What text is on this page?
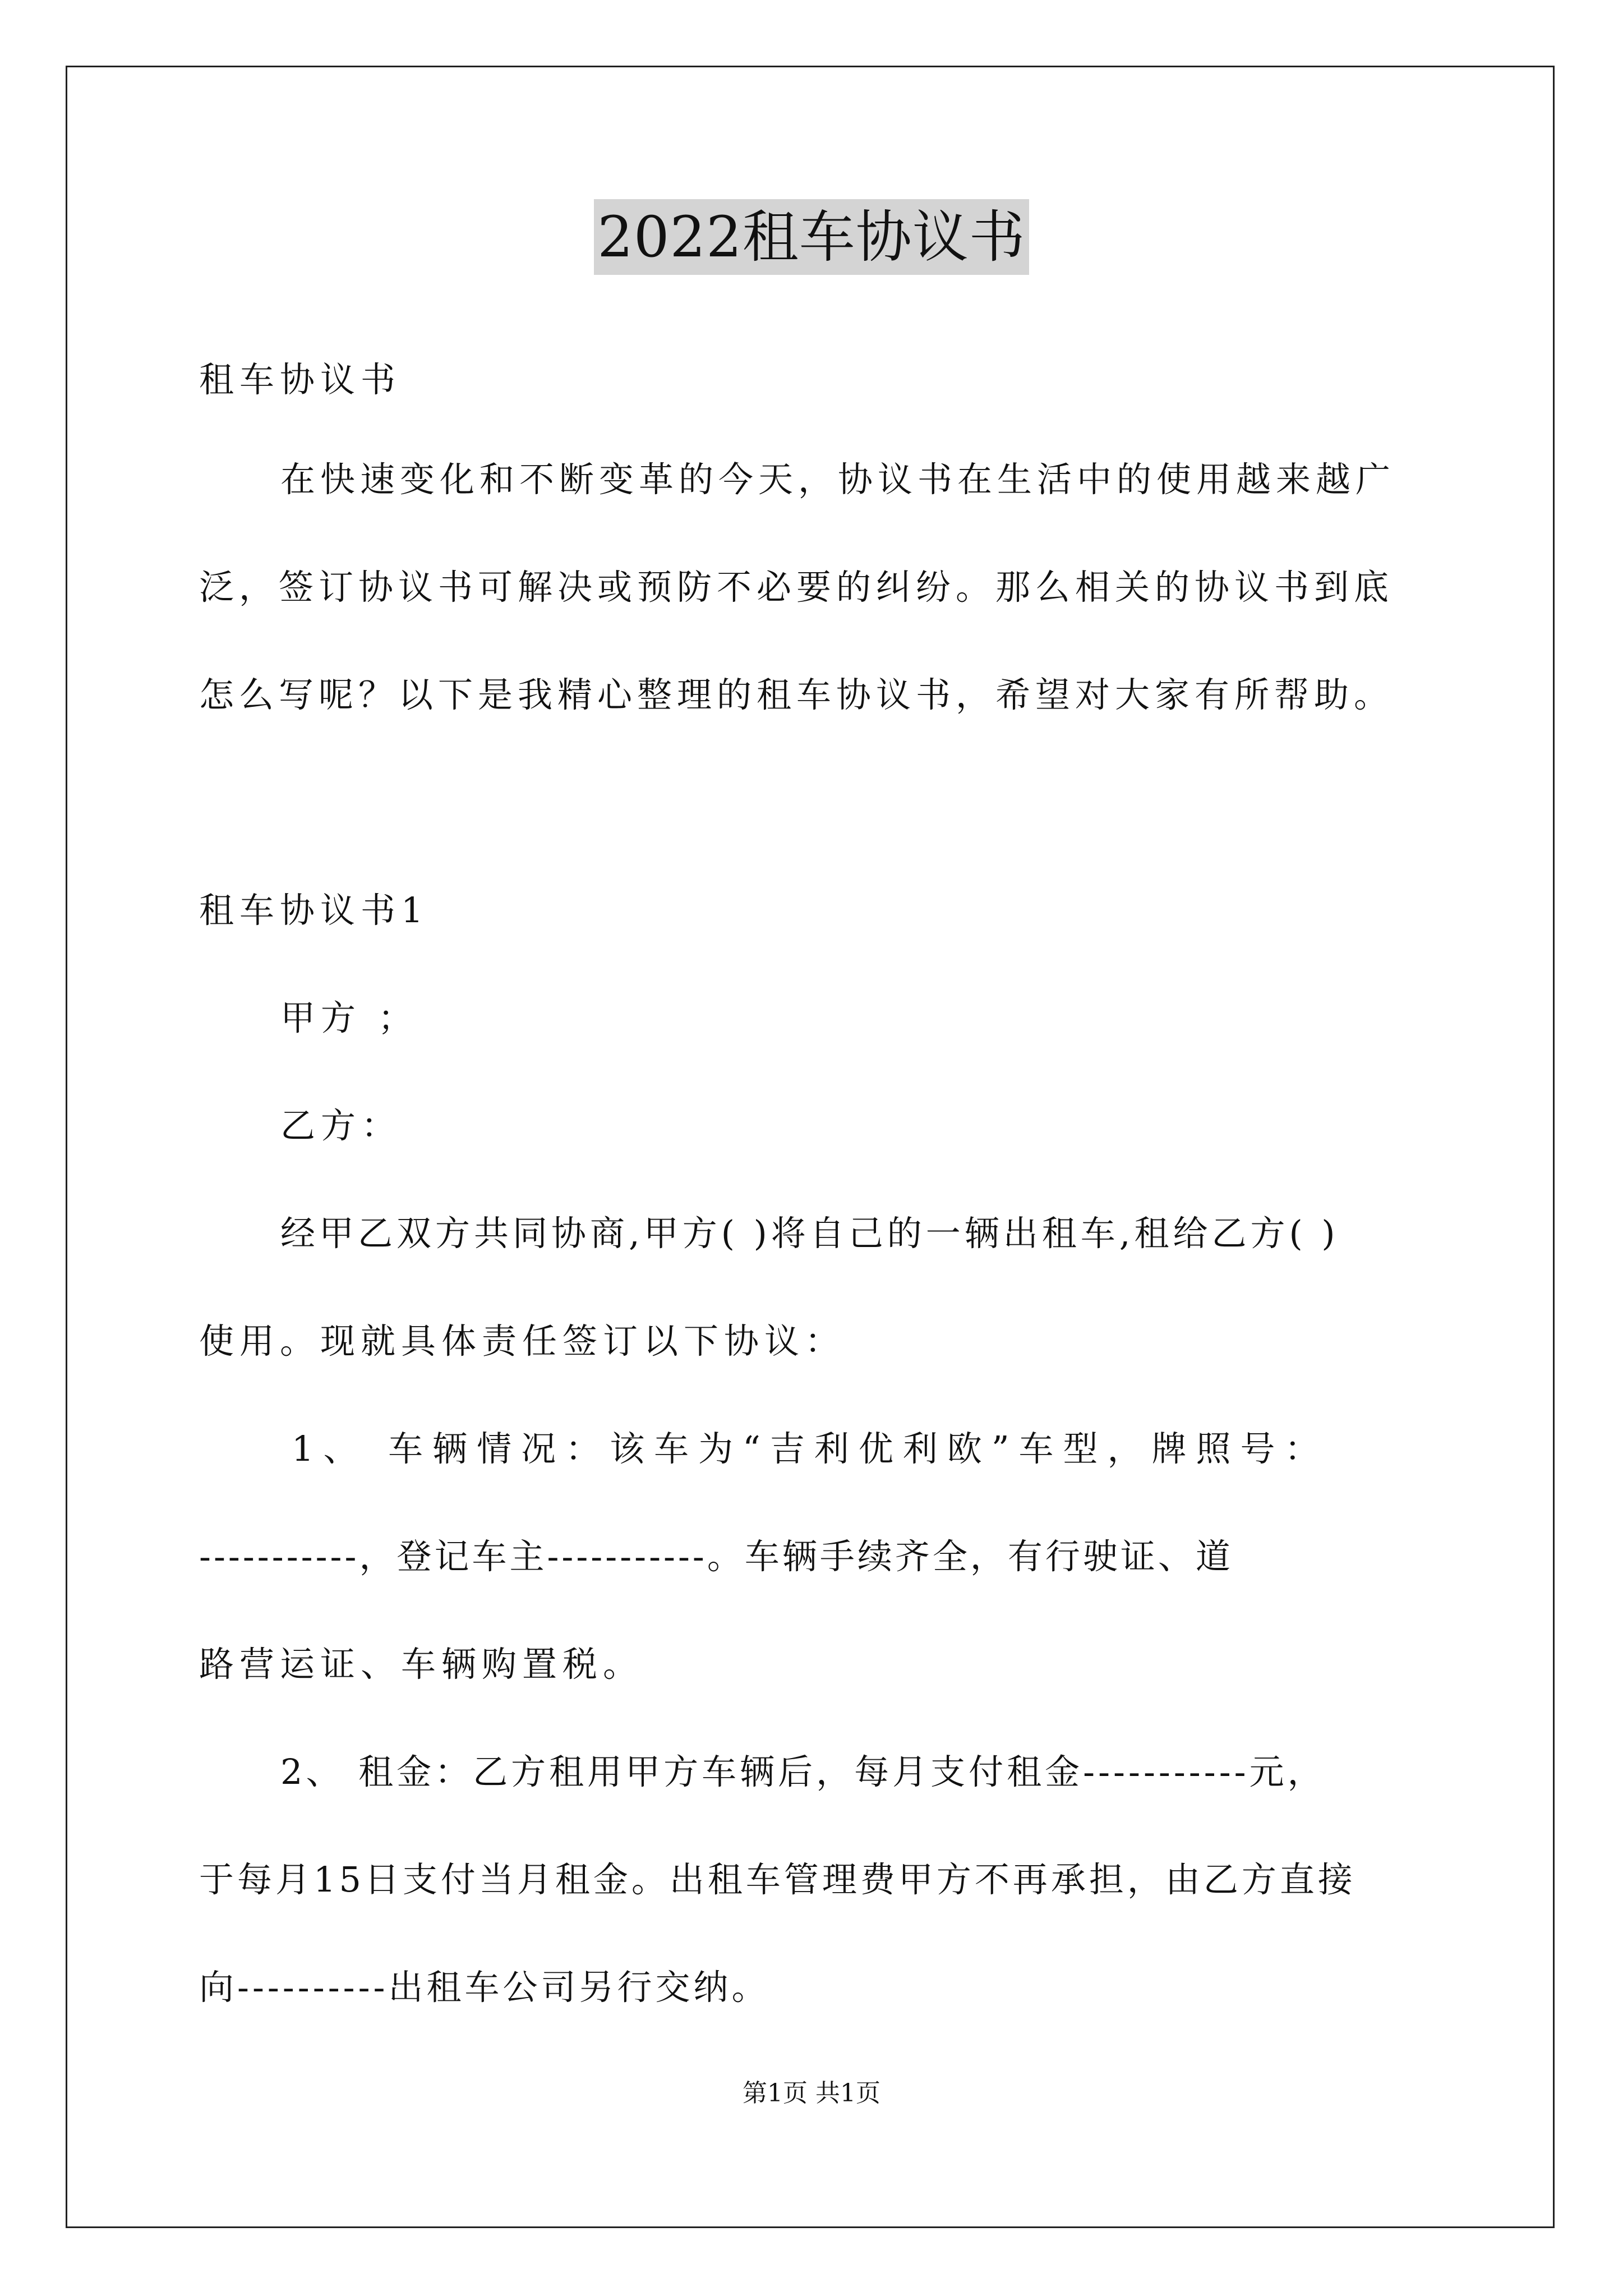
2022租车协议书
租车协议书
在快速变化和不断变革的今天，协议书在生活中的使用越来越广
泛，签订协议书可解决或预防不必要的纠纷。那么相关的协议书到底
怎么写呢？以下是我精心整理的租车协议书，希望对大家有所帮助。
租车协议书1
甲方 ；
乙方：
经甲乙双方共同协商,甲方( )将自己的一辆出租车,租给乙方( )
使用。现就具体责任签订以下协议：
1、 车辆情况：该车为“吉利优利欧”车型，牌照号：
-----------，登记车主-----------。车辆手续齐全，有行驶证、道
路营运证、车辆购置税。
2、 租金：乙方租用甲方车辆后，每月支付租金-----------元，
于每月15日支付当月租金。出租车管理费甲方不再承担，由乙方直接
向----------出租车公司另行交纳。
第1页 共1页
